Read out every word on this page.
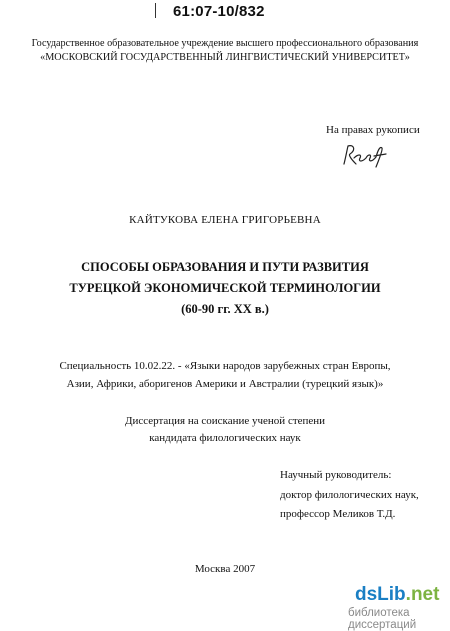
61:07-10/832
Государственное образовательное учреждение высшего профессионального образования
«МОСКОВСКИЙ ГОСУДАРСТВЕННЫЙ ЛИНГВИСТИЧЕСКИЙ УНИВЕРСИТЕТ»
На правах рукописи
КАЙТУКОВА ЕЛЕНА ГРИГОРЬЕВНА
СПОСОБЫ ОБРАЗОВАНИЯ И ПУТИ РАЗВИТИЯ
ТУРЕЦКОЙ ЭКОНОМИЧЕСКОЙ ТЕРМИНОЛОГИИ
(60-90 гг. XX в.)
Специальность 10.02.22. - «Языки народов зарубежных стран Европы,
Азии, Африки, аборигенов Америки и Австралии (турецкий язык)»
Диссертация на соискание ученой степени
кандидата филологических наук
Научный руководитель:
доктор филологических наук,
профессор Меликов Т.Д.
Москва 2007
dsLib.net
библиотека диссертаций
